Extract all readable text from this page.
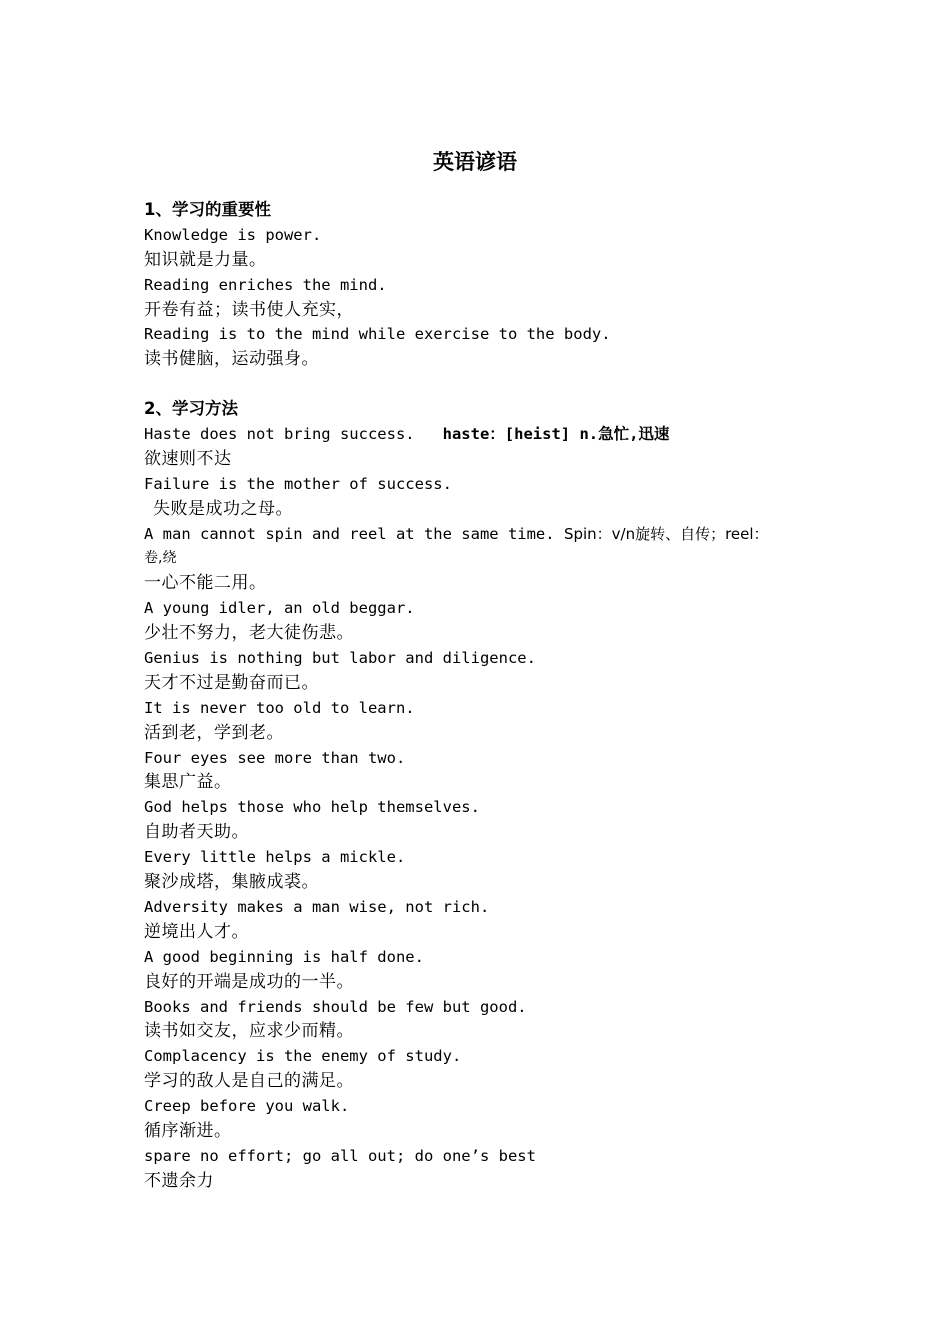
英语谚语
1、学习的重要性
Knowledge is power.
知识就是力量。
Reading enriches the mind.
开卷有益；读书使人充实，
Reading is to the mind while exercise to the body.
读书健脑，运动强身。
2、学习方法
Haste does not bring success. haste：[heist] n.急忙,迅速
欲速则不达
Failure is the mother of success.
失败是成功之母。
A man cannot spin and reel at the same time. Spin：v/n旋转、自传；reel：
卷,绕
一心不能二用。
A young idler, an old beggar.
少壮不努力，老大徒伤悲。
Genius is nothing but labor and diligence.
天才不过是勤奋而已。
It is never too old to learn.
活到老，学到老。
Four eyes see more than two.
集思广益。
God helps those who help themselves.
自助者天助。
Every little helps a mickle.
聚沙成塔，集腋成裘。
Adversity makes a man wise, not rich.
逆境出人才。
A good beginning is half done.
良好的开端是成功的一半。
Books and friends should be few but good.
读书如交友，应求少而精。
Complacency is the enemy of study.
学习的敌人是自己的满足。
Creep before you walk.
循序渐进。
spare no effort; go all out; do one’s best
不遗余力
